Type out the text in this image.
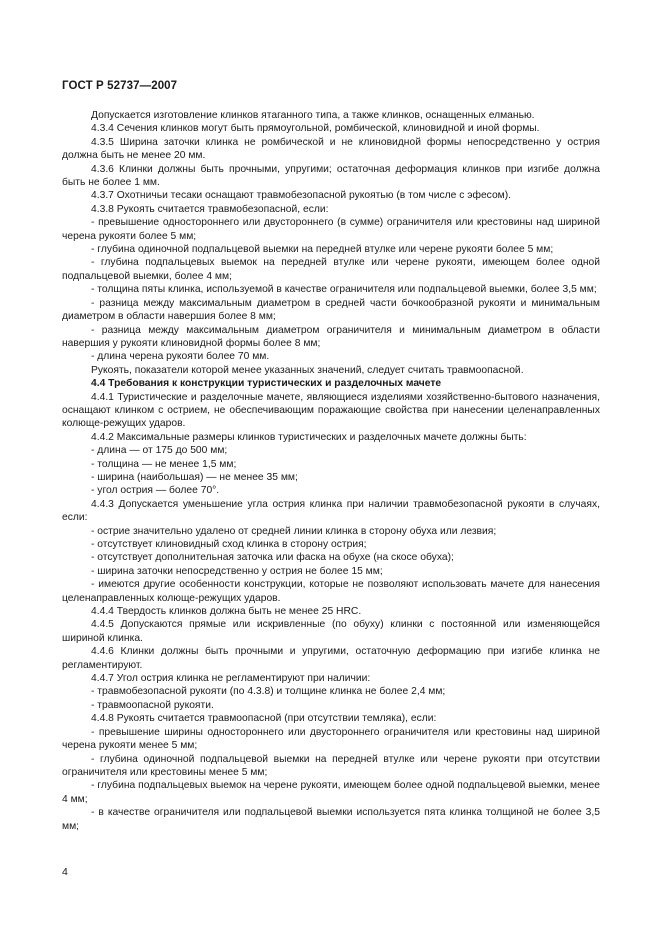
ГОСТ Р 52737—2007

Допускается изготовление клинков ятаганного типа, а также клинков, оснащенных елманью.

4.3.4 Сечения клинков могут быть прямоугольной, ромбической, клиновидной и иной формы.

4.3.5 Ширина заточки клинка не ромбической и не клиновидной формы непосредственно у острия должна быть не менее 20 мм.

4.3.6 Клинки должны быть прочными, упругими; остаточная деформация клинков при изгибе должна быть не более 1 мм.

4.3.7 Охотничьи тесаки оснащают травмобезопасной рукоятью (в том числе с эфесом).

4.3.8 Рукоять считается травмобезопасной, если:

- превышение одностороннего или двустороннего (в сумме) ограничителя или крестовины над шириной черена рукояти более 5 мм;

- глубина одиночной подпальцевой выемки на передней втулке или черене рукояти более 5 мм;

- глубина подпальцевых выемок на передней втулке или черене рукояти, имеющем более одной подпальцевой выемки, более 4 мм;

- толщина пяты клинка, используемой в качестве ограничителя или подпальцевой выемки, более 3,5 мм;

- разница между максимальным диаметром в средней части бочкообразной рукояти и минимальным диаметром в области навершия более 8 мм;

- разница между максимальным диаметром ограничителя и минимальным диаметром в области навершия у рукояти клиновидной формы более 8 мм;

- длина черена рукояти более 70 мм.

Рукоять, показатели которой менее указанных значений, следует считать травмоопасной.

4.4 Требования к конструкции туристических и разделочных мачете

4.4.1 Туристические и разделочные мачете, являющиеся изделиями хозяйственно-бытового назначения, оснащают клинком с острием, не обеспечивающим поражающие свойства при нанесении целенаправленных колюще-режущих ударов.

4.4.2 Максимальные размеры клинков туристических и разделочных мачете должны быть:

- длина — от 175 до 500 мм;

- толщина — не менее 1,5 мм;

- ширина (наибольшая) — не менее 35 мм;

- угол острия — более 70°.

4.4.3 Допускается уменьшение угла острия клинка при наличии травмобезопасной рукояти в случаях, если:

- острие значительно удалено от средней линии клинка в сторону обуха или лезвия;

- отсутствует клиновидный сход клинка в сторону острия;

- отсутствует дополнительная заточка или фаска на обухе (на скосе обуха);

- ширина заточки непосредственно у острия не более 15 мм;

- имеются другие особенности конструкции, которые не позволяют использовать мачете для нанесения целенаправленных колюще-режущих ударов.

4.4.4 Твердость клинков должна быть не менее 25 HRC.

4.4.5 Допускаются прямые или искривленные (по обуху) клинки с постоянной или изменяющейся шириной клинка.

4.4.6 Клинки должны быть прочными и упругими, остаточную деформацию при изгибе клинка не регламентируют.

4.4.7 Угол острия клинка не регламентируют при наличии:

- травмобезопасной рукояти (по 4.3.8) и толщине клинка не более 2,4 мм;

- травмоопасной рукояти.

4.4.8 Рукоять считается травмоопасной (при отсутствии темляка), если:

- превышение ширины одностороннего или двустороннего ограничителя или крестовины над шириной черена рукояти менее 5 мм;

- глубина одиночной подпальцевой выемки на передней втулке или черене рукояти при отсутствии ограничителя или крестовины менее 5 мм;

- глубина подпальцевых выемок на черене рукояти, имеющем более одной подпальцевой выемки, менее 4 мм;

- в качестве ограничителя или подпальцевой выемки используется пята клинка толщиной не более 3,5 мм;

4
